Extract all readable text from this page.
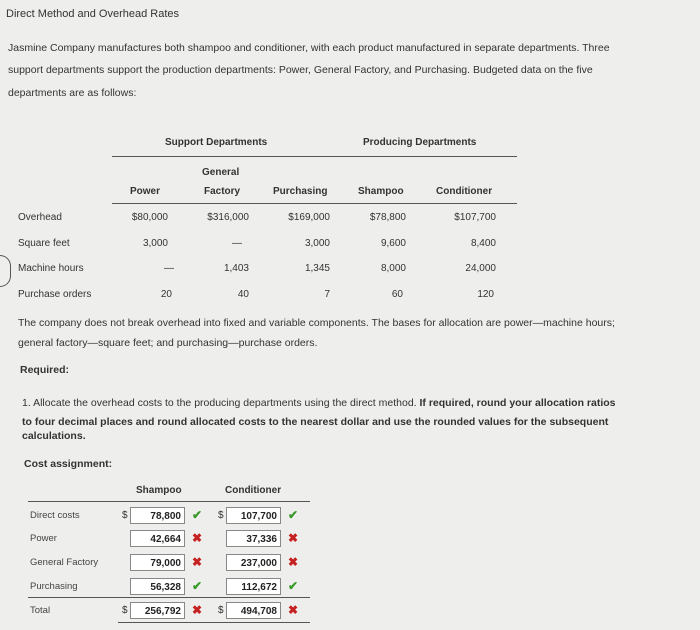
Direct Method and Overhead Rates
Jasmine Company manufactures both shampoo and conditioner, with each product manufactured in separate departments. Three
support departments support the production departments: Power, General Factory, and Purchasing. Budgeted data on the five
departments are as follows:
Support Departments	Producing Departments
General
Power	Factory	Purchasing	Shampoo	Conditioner
Overhead	$80,000	$316,000	$169,000	$78,800	$107,700
Square feet	3,000	—	3,000	9,600	8,400
Machine hours	—	1,403	1,345	8,000	24,000
Purchase orders	20	40	7	60	120
The company does not break overhead into fixed and variable components. The bases for allocation are power—machine hours;
general factory—square feet; and purchasing—purchase orders.
Required:
1. Allocate the overhead costs to the producing departments using the direct method. If required, round your allocation ratios
to four decimal places and round allocated costs to the nearest dollar and use the rounded values for the subsequent
calculations.
Cost assignment:
Shampoo	Conditioner
Direct costs	$	78,800 ✔ $	107,700 ✔
Power	42,664 ✖	37,336 ✖
General Factory	79,000 ✖	237,000 ✖
Purchasing	56,328 ✔	112,672 ✔
Total	$	256,792 ✖ $	494,708 ✖
